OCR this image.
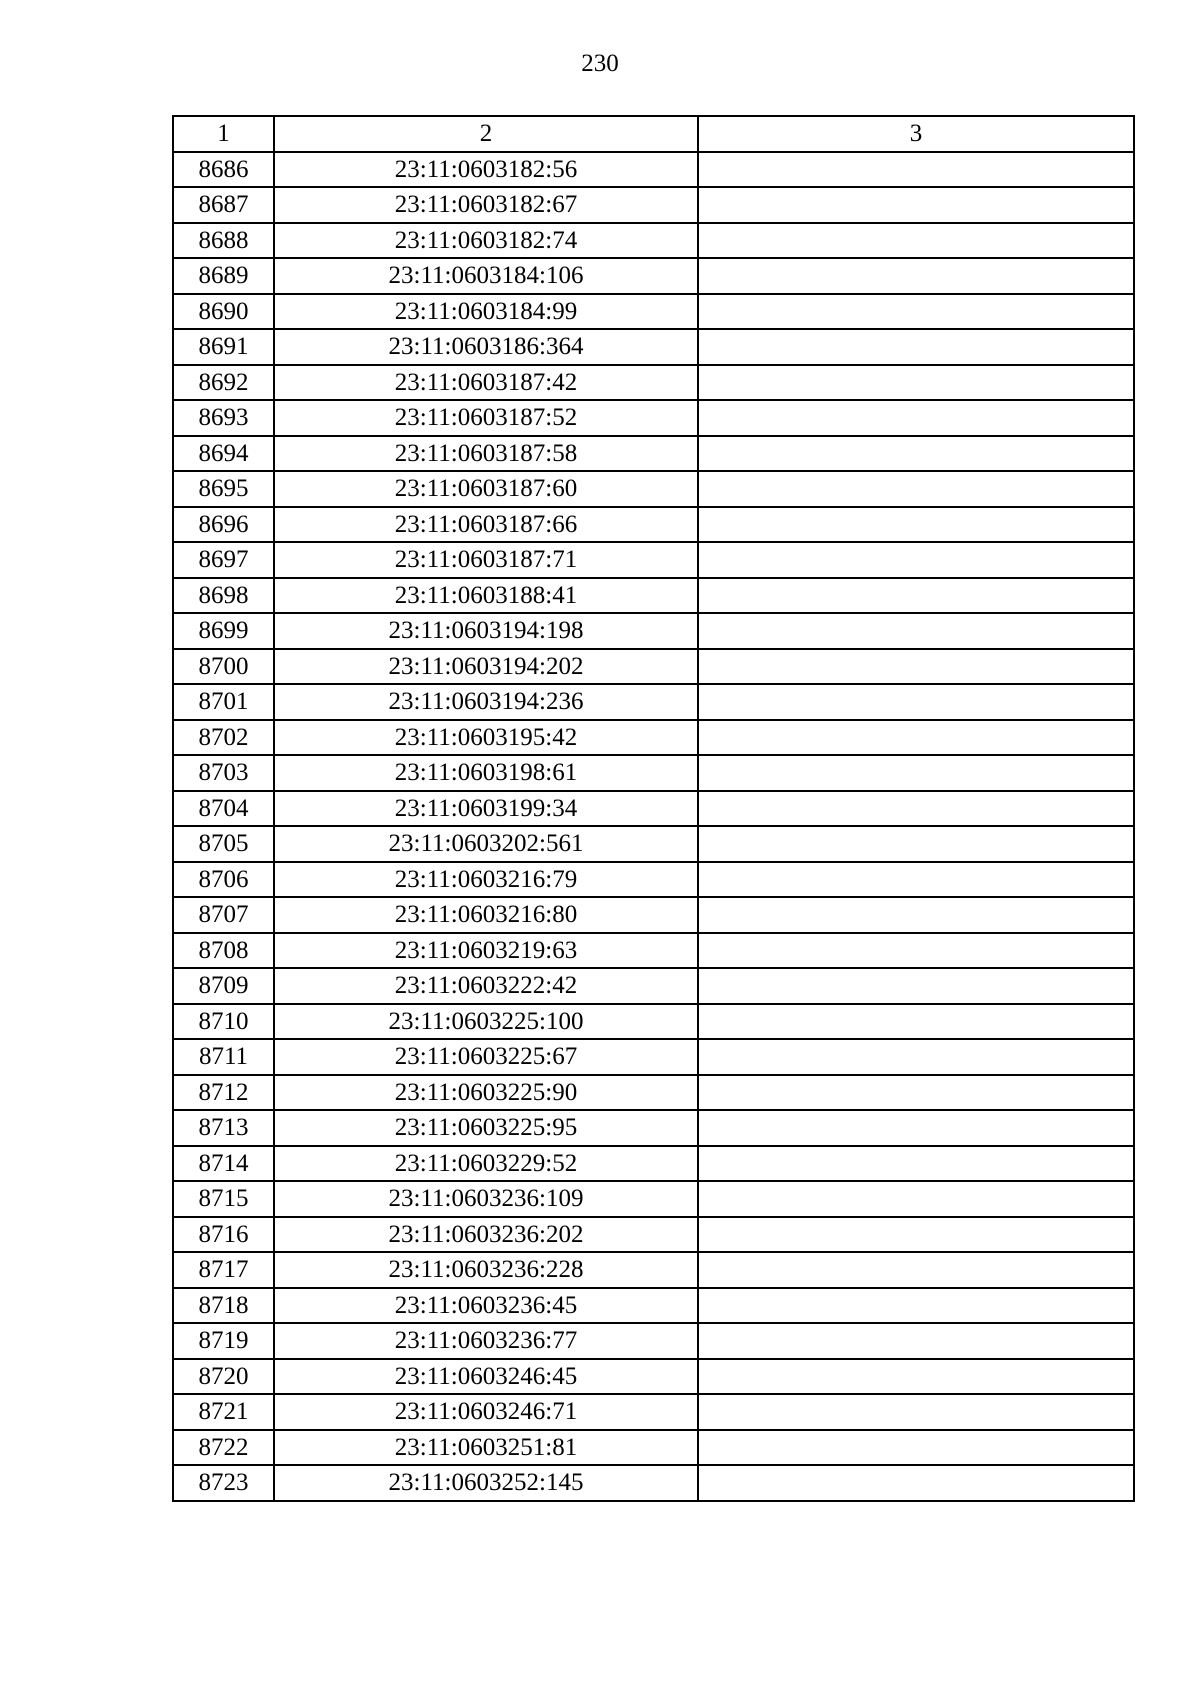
230
1	2	3
8686	23:11:0603182:56	
8687	23:11:0603182:67	
8688	23:11:0603182:74	
8689	23:11:0603184:106	
8690	23:11:0603184:99	
8691	23:11:0603186:364	
8692	23:11:0603187:42	
8693	23:11:0603187:52	
8694	23:11:0603187:58	
8695	23:11:0603187:60	
8696	23:11:0603187:66	
8697	23:11:0603187:71	
8698	23:11:0603188:41	
8699	23:11:0603194:198	
8700	23:11:0603194:202	
8701	23:11:0603194:236	
8702	23:11:0603195:42	
8703	23:11:0603198:61	
8704	23:11:0603199:34	
8705	23:11:0603202:561	
8706	23:11:0603216:79	
8707	23:11:0603216:80	
8708	23:11:0603219:63	
8709	23:11:0603222:42	
8710	23:11:0603225:100	
8711	23:11:0603225:67	
8712	23:11:0603225:90	
8713	23:11:0603225:95	
8714	23:11:0603229:52	
8715	23:11:0603236:109	
8716	23:11:0603236:202	
8717	23:11:0603236:228	
8718	23:11:0603236:45	
8719	23:11:0603236:77	
8720	23:11:0603246:45	
8721	23:11:0603246:71	
8722	23:11:0603251:81	
8723	23:11:0603252:145	
